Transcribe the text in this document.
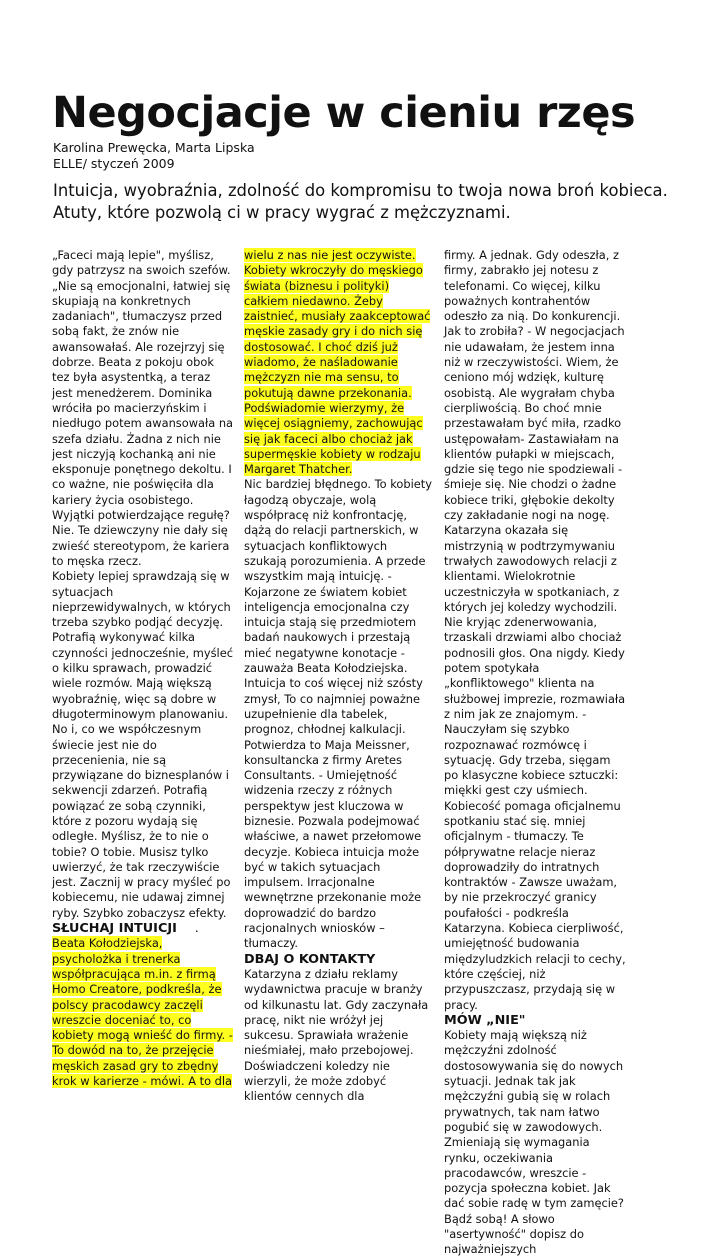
Negocjacje w cieniu rzęs

Karolina Prewęcka, Marta Lipska

ELLE/ styczeń 2009

Intuicja, wyobraźnia, zdolność do kompromisu to twoja nowa broń kobieca. Atuty, które pozwolą ci w pracy wygrać z mężczyznami.

„Faceci mają lepie", myślisz, gdy patrzysz na swoich szefów. „Nie są emocjonalni, łatwiej się skupiają na konkretnych zadaniach", tłumaczysz przed sobą fakt, że znów nie awansowałaś. Ale rozejrzyj się dobrze. Beata z pokoju obok tez była asystentką, a teraz jest menedżerem. Dominika wróciła po macierzyńskim i niedługo potem awansowała na szefa działu. Żadna z nich nie jest niczyją kochanką ani nie eksponuje ponętnego dekoltu. I co ważne, nie poświęciła dla kariery życia osobistego. Wyjątki potwierdzające regułę? Nie. Te dziewczyny nie dały się zwieść stereotypom, że kariera to męska rzecz.

Kobiety lepiej sprawdzają się w sytuacjach nieprzewidywalnych, w których trzeba szybko podjąć decyzję. Potrafią wykonywać kilka czynności jednocześnie, myśleć o kilku sprawach, prowadzić wiele rozmów. Mają większą wyobraźnię, więc są dobre w długoterminowym planowaniu. No i, co we współczesnym świecie jest nie do przecenienia, nie są przywiązane do biznesplanów i sekwencji zdarzeń. Potrafią powiązać ze sobą czynniki, które z pozoru wydają się odległe. Myślisz, że to nie o tobie? O tobie. Musisz tylko uwierzyć, że tak rzeczywiście jest. Zacznij w pracy myśleć po kobiecemu, nie udawaj zimnej ryby. Szybko zobaczysz efekty.

SŁUCHAJ INTUICJI .

Beata Kołodziejska, psycholożka i trenerka współpracująca m.in. z firmą Homo Creatore, podkreśla, że polscy pracodawcy zaczęli wreszcie doceniać to, co kobiety mogą wnieść do firmy. - To dowód na to, że przejęcie męskich zasad gry to zbędny krok w karierze - mówi. A to dla

wielu z nas nie jest oczywiste. Kobiety wkroczyły do męskiego świata (biznesu i polityki) całkiem niedawno. Żeby zaistnieć, musiały zaakceptować męskie zasady gry i do nich się dostosować. I choć dziś już wiadomo, że naśladowanie mężczyzn nie ma sensu, to pokutują dawne przekonania. Podświadomie wierzymy, że więcej osiągniemy, zachowując się jak faceci albo chociaż jak supermęskie kobiety w rodzaju Margaret Thatcher.

Nic bardziej błędnego. To kobiety łagodzą obyczaje, wolą współpracę niż konfrontację, dążą do relacji partnerskich, w sytuacjach konfliktowych szukają porozumienia. A przede wszystkim mają intuicję. - Kojarzone ze światem kobiet inteligencja emocjonalna czy intuicja stają się przedmiotem badań naukowych i przestają mieć negatywne konotacje - zauważa Beata Kołodziejska. Intuicja to coś więcej niż szósty zmysł, To co najmniej poważne uzupełnienie dla tabelek, prognoz, chłodnej kalkulacji. Potwierdza to Maja Meissner, konsultancka z firmy Aretes Consultants. - Umiejętność widzenia rzeczy z różnych perspektyw jest kluczowa w biznesie. Pozwala podejmować właściwe, a nawet przełomowe decyzje. Kobieca intuicja może być w takich sytuacjach impulsem. Irracjonalne wewnętrzne przekonanie może doprowadzić do bardzo racjonalnych wniosków – tłumaczy.

DBAJ O KONTAKTY

Katarzyna z działu reklamy wydawnictwa pracuje w branży od kilkunastu lat. Gdy zaczynała pracę, nikt nie wróżył jej sukcesu. Sprawiała wrażenie nieśmiałej, mało przebojowej. Doświadczeni koledzy nie wierzyli, że może zdobyć klientów cennych dla

firmy. A jednak. Gdy odeszła, z firmy, zabrakło jej notesu z telefonami. Co więcej, kilku poważnych kontrahentów odeszło za nią. Do konkurencji. Jak to zrobiła? - W negocjacjach nie udawałam, że jestem inna niż w rzeczywistości. Wiem, że ceniono mój wdzięk, kulturę osobistą. Ale wygrałam chyba cierpliwością. Bo choć mnie przestawałam być miła, rzadko ustępowałam- Zastawiałam na klientów pułapki w miejscach, gdzie się tego nie spodziewali - śmieje się. Nie chodzi o żadne kobiece triki, głębokie dekolty czy zakładanie nogi na nogę. Katarzyna okazała się mistrzynią w podtrzymywaniu trwałych zawodowych relacji z klientami. Wielokrotnie uczestniczyła w spotkaniach, z których jej koledzy wychodzili. Nie kryjąc zdenerwowania, trzaskali drzwiami albo chociaż podnosili głos. Ona nigdy. Kiedy potem spotykała „konfliktowego" klienta na służbowej imprezie, rozmawiała z nim jak ze znajomym. - Nauczyłam się szybko rozpoznawać rozmówcę i sytuację. Gdy trzeba, sięgam po klasyczne kobiece sztuczki: miękki gest czy uśmiech. Kobiecość pomaga oficjalnemu spotkaniu stać się. mniej oficjalnym - tłumaczy. Te półprywatne relacje nieraz doprowadziły do intratnych kontraktów - Zawsze uważam, by nie przekroczyć granicy poufałości - podkreśla Katarzyna. Kobieca cierpliwość, umiejętność budowania międzyludzkich relacji to cechy, które częściej, niż przypuszczasz, przydają się w pracy.

MÓW „NIE"

Kobiety mają większą niż mężczyźni zdolność dostosowywania się do nowych sytuacji. Jednak tak jak mężczyźni gubią się w rolach prywatnych, tak nam łatwo pogubić się w zawodowych. Zmieniają się wymagania rynku, oczekiwania pracodawców, wreszcie - pozycja społeczna kobiet. Jak dać sobie radę w tym zamęcie? Bądź sobą! A słowo "asertywność" dopisz do najważniejszych
